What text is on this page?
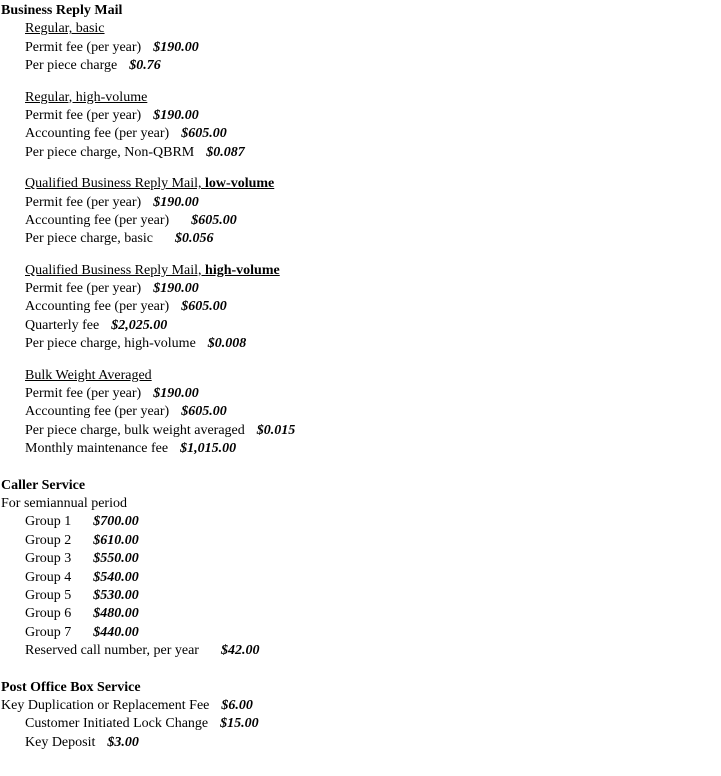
Business Reply Mail
Regular, basic
Permit fee (per year) $190.00
Per piece charge $0.76
Regular, high-volume
Permit fee (per year) $190.00
Accounting fee (per year) $605.00
Per piece charge, Non-QBRM $0.087
Qualified Business Reply Mail, low-volume
Permit fee (per year) $190.00
Accounting fee (per year) $605.00
Per piece charge, basic $0.056
Qualified Business Reply Mail, high-volume
Permit fee (per year) $190.00
Accounting fee (per year) $605.00
Quarterly fee $2,025.00
Per piece charge, high-volume $0.008
Bulk Weight Averaged
Permit fee (per year) $190.00
Accounting fee (per year) $605.00
Per piece charge, bulk weight averaged $0.015
Monthly maintenance fee $1,015.00
Caller Service
For semiannual period
Group 1 $700.00
Group 2 $610.00
Group 3 $550.00
Group 4 $540.00
Group 5 $530.00
Group 6 $480.00
Group 7 $440.00
Reserved call number, per year $42.00
Post Office Box Service
Key Duplication or Replacement Fee $6.00
Customer Initiated Lock Change $15.00
Key Deposit $3.00
